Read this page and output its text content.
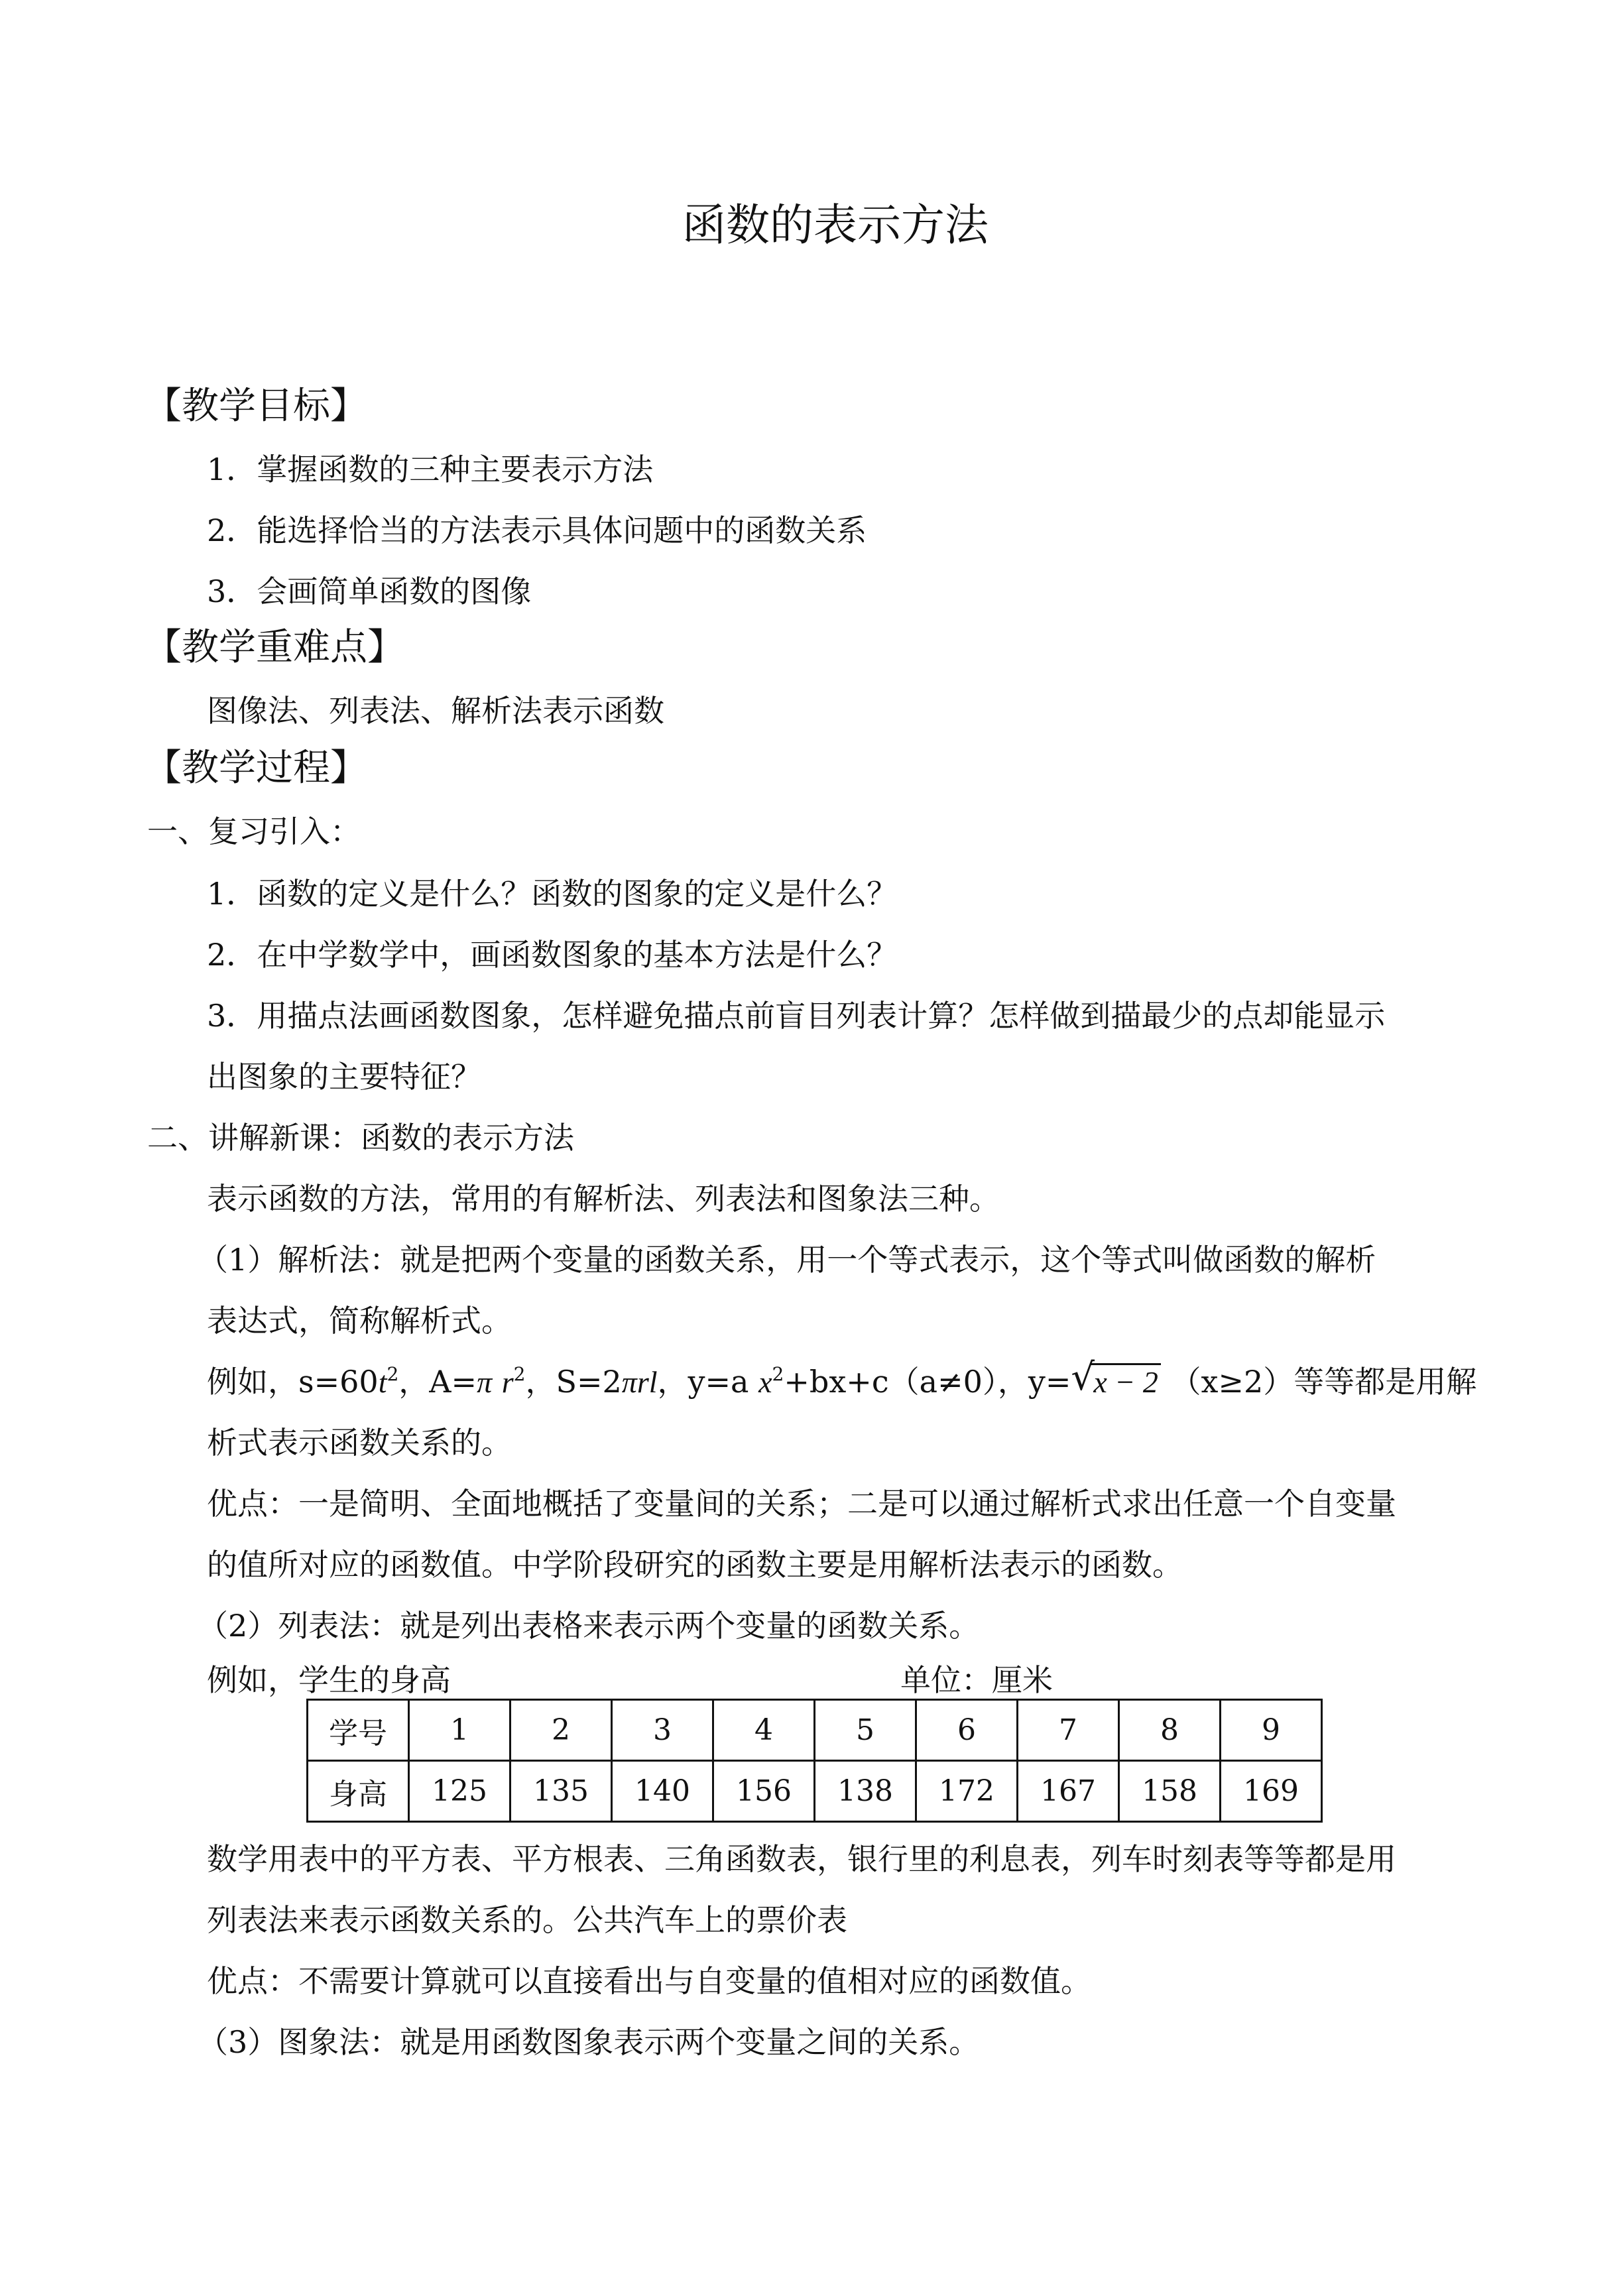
函数的表示方法
【教学目标】
1．掌握函数的三种主要表示方法
2．能选择恰当的方法表示具体问题中的函数关系
3．会画简单函数的图像
【教学重难点】
图像法、列表法、解析法表示函数
【教学过程】
一、复习引入：
1．函数的定义是什么？函数的图象的定义是什么？
2．在中学数学中，画函数图象的基本方法是什么？
3．用描点法画函数图象，怎样避免描点前盲目列表计算？怎样做到描最少的点却能显示
出图象的主要特征？
二、讲解新课：函数的表示方法
表示函数的方法，常用的有解析法、列表法和图象法三种。
（1）解析法：就是把两个变量的函数关系，用一个等式表示，这个等式叫做函数的解析
表达式，简称解析式。
例如，$s=60t^2$，A=π $r^2$，S=2πrl，y=a $x^2+bx+c(a\ne 0)$，y= √
x − 2 （x≥2）等等都是用解
析式表示函数关系的。
优点：一是简明、全面地概括了变量间的关系；二是可以通过解析式求出任意一个自变量
的值所对应的函数值。中学阶段研究的函数主要是用解析法表示的函数。
（2）列表法：就是列出表格来表示两个变量的函数关系。
例如，学生的身高	单位：厘米
学号	1	2	3	4	5	6	7	8	9
身高	125	135	140	156	138	172	167	158	169
数学用表中的平方表、平方根表、三角函数表，银行里的利息表，列车时刻表等等都是用
列表法来表示函数关系的。公共汽车上的票价表
优点：不需要计算就可以直接看出与自变量的值相对应的函数值。
（3）图象法：就是用函数图象表示两个变量之间的关系。
